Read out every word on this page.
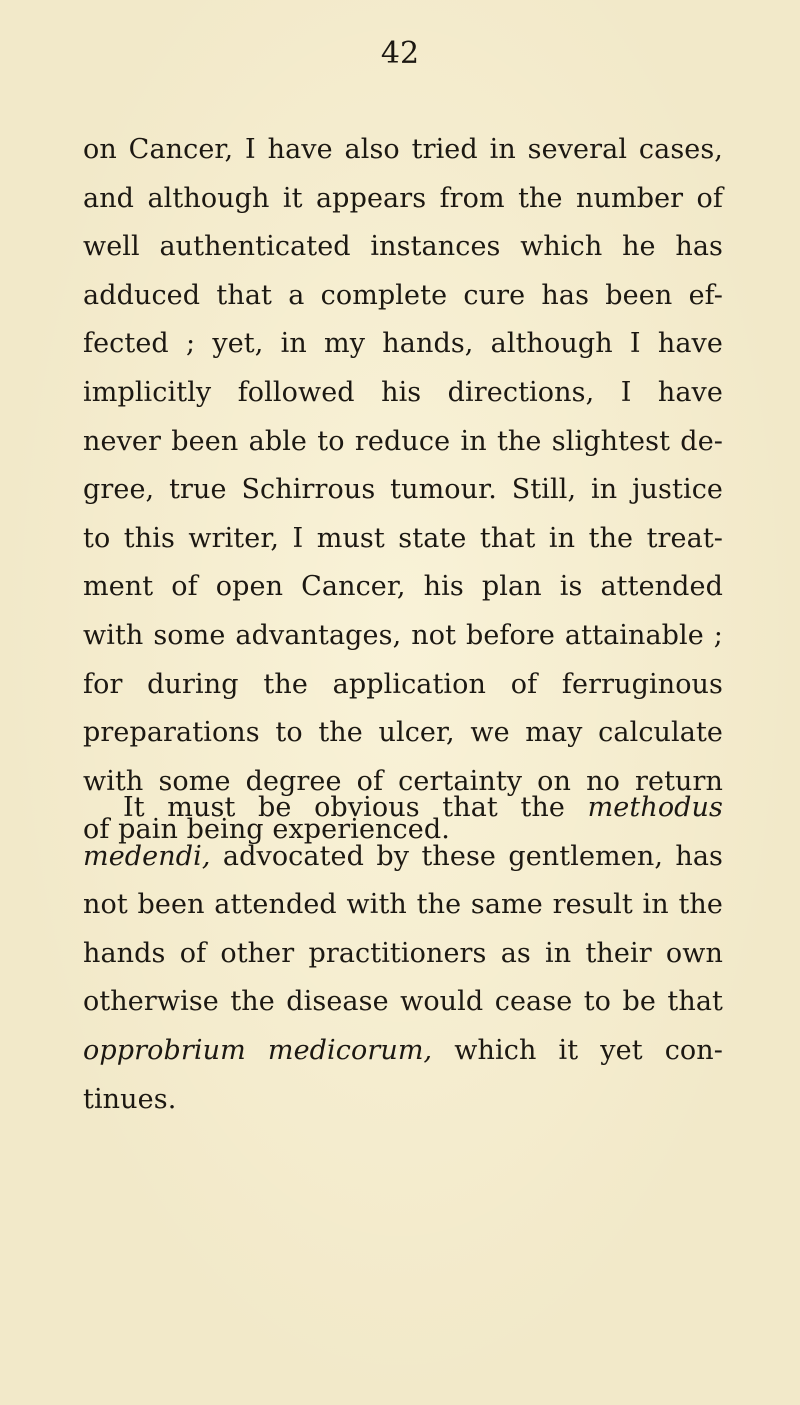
42
on Cancer, I have also tried in several cases,
and although it appears from the number of
well authenticated instances which he has
adduced that a complete cure has been ef-
fected ; yet, in my hands, although I have
implicitly followed his directions, I have
never been able to reduce in the slightest de-
gree, true Schirrous tumour. Still, in justice
to this writer, I must state that in the treat-
ment of open Cancer, his plan is attended
with some advantages, not before attainable ;
for during the application of ferruginous
preparations to the ulcer, we may calculate
with some degree of certainty on no return
of pain being experienced.
It must be obvious that the methodus
medendi, advocated by these gentlemen, has
not been attended with the same result in the
hands of other practitioners as in their own
otherwise the disease would cease to be that
opprobrium medicorum, which it yet con-
tinues.
